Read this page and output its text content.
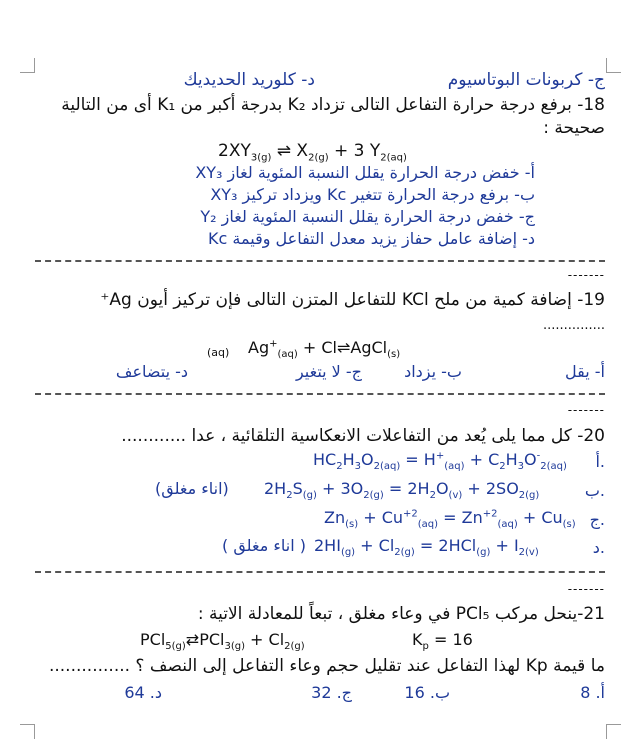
ج- كربونات البوتاسيوم
د- كلوريد الحديديك
18- برفع درجة حرارة التفاعل التالى تزداد K₂ بدرجة أكبر من K₁ أى من التالية
صحيحة :
$2XY_{3(g)}$ ⇌ $X_{2(g)} + 3$ $Y_{2(aq)}$
أ- خفض درجة الحرارة يقلل النسبة المئوية لغاز XY₃
ب- برفع درجة الحرارة تتغير Kc ويزداد تركيز XY₃
ج- خفض درجة الحرارة يقلل النسبة المئوية لغاز Y₂
د- إضافة عامل حفاز يزيد معدل التفاعل وقيمة Kc
-------
19- إضافة كمية من ملح KCl للتفاعل المتزن التالى فإن تركيز أيون Ag⁺
...............
(aq) $Ag^+_{(aq)}$ + Cl⇌AgCl$_{(s)}$
أ- يقل
ب- يزداد
ج- لا يتغير
د- يتضاعف
-------
20- كل مما يلى يُعد من التفاعلات الانعكاسية التلقائية ، عدا ............
أ.
$HC_2H_3O_{2(aq)} = H^+_{(aq)} + C_2H_3O^-_{2(aq)}$
ب.
$2H_2S_{(g)} + 3O_{2(g)} = 2H_2O_{(v)} + 2SO_{2(g)}$
(اناء مغلق)
ج.
$Zn_{(s)} + Cu^{+2}_{(aq)} = Zn^{+2}_{(aq)} + Cu_{(s)}$
د.
$2HI_{(g)} + Cl_{2(g)} = 2HCl_{(g)} + I_{2(v)}$
( اناء مغلق )
-------
21-ينحل مركب PCl₅ في وعاء مغلق ، تبعاً للمعادلة الاتية :
PCl$_{5(g)}$⇄PCl$_{3(g)}$ + $Cl_{2(g)}$	$K_p = 16$
ما قيمة Kp لهذا التفاعل عند تقليل حجم وعاء التفاعل إلى النصف ؟ ...............
أ. 8
ب. 16
ج. 32
د. 64
